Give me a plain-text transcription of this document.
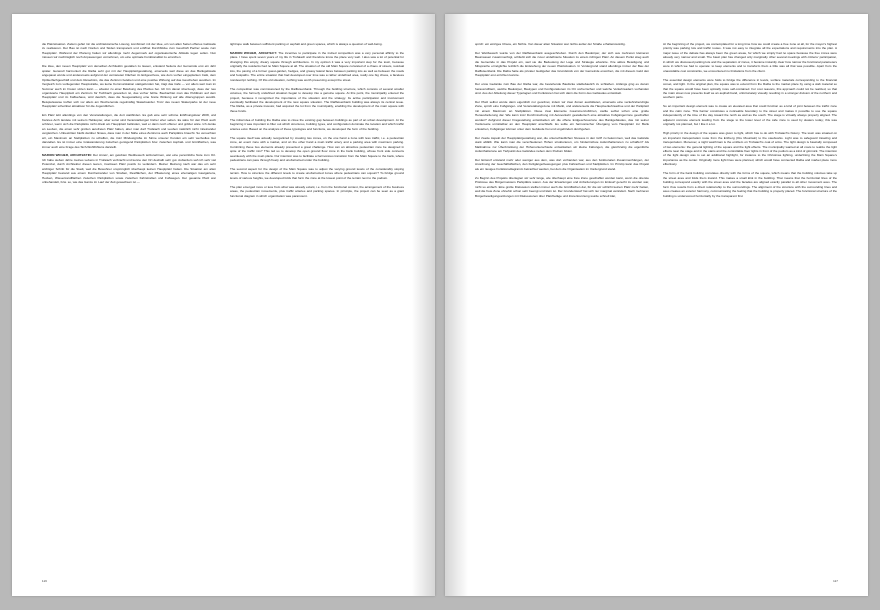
die Platzsituation. Zudem gefiel mir die architektonische Lösung, kombiniert mit der Idee, ein von allen Seiten offenes Gebäude zu realisieren. Der Bau ist nach Norden und Süden transparent und eröffnet Durchblicke zum Geschäft Pacher sowie zum Hauptplatz. Während der Planung hatten wir allerdings mehr Augenmerk auf organisatorische Abläufe legen sollen. Nun müssen wir nachträglich noch Anpassungen vornehmen, um eine optimale Funktionalität zu erreichen.

Die Idee, den neuen Hauptplatz von derselben Architektin gestalten zu lassen, entstand Seitens der Gemeinde erst ein Jahr später. Generell harmoniert die Raiba sehr gut mit der Hauptplatzgestaltung, einerseits weil diese an das Bankgebäude angepasst wurde und andererseits aufgrund der vernieteten Flächen im Erdgeschoss, wie dem vorher eingeplanten Café, dem Optikerfachgeschäft und dem Reisebüro, die das Zentrum beleben und eine positive Wirkung auf das Geschehen ausüben. Im Vergleich zum vorliegenden Hauptstraße, wo keine Kommunikation stattgefunden hat, trägt das Café — vor allem weil man im Sommer auch im Freien sitzen kann — absolut zu einer Belebung des Platzes bei. Ich bin davon überzeugt, dass der neu organisierte Hauptplatz ein Zentrum für Tschbach geworden ist, das vorher fehlte. Beobachtet man das Publikum auf dem Hauptplatz und im Kaffeehaus, wird deutlich, dass die Neugestaltung eine breite Wirkung auf alle Altersgruppen ausübt. Beispielsweise treffen sich vor allem am Wochenende regelmäßig Skateboarder. Trotz des neuen Skaterparks ist der neue Hauptplatz scheinbar attraktiver für die Jugendlichen.

Ein Platz lebt allerdings von den Veranstaltungen, die dort stattfinden. Es gab eine sehr schöne Eröffnungsfeier 2008, und Kannes Arch landete mit seinem Helikopter, aber sonst sind Veranstaltungen bisher eher selten. Es wäre für den Platz auch schöner, wenn sich die Parkplätze nicht direkt am Hauptplatz befänden, weil er dann noch offener und größer wäre. Ich denke an Leoben, die einen sehr großen autofreien Platz haben, aber man darf Trofaiach und Leoben natürlich nicht miteinander vergleichen. Unbestritten bleibt darüber hinaus, dass man in der Nähe eines Zentrums auch Parkplätze braucht. So versuchten wir, ein Maximum an Stellplätzen zu schaffen, die trotz Mindestgröße im Sinne unserer Kunden ein sehr wertvolles Gut darstellen. Es ist immer eine Gratwanderung zwischen genügend Parkplätzen bzw. zwischen Asphalt- und Grünflächen, was immer auch eine Frage des Sich-Wohlfühlens darstellt.

MARION WICHER, ARCHITEKTIN: Der Anreiz, am gelobten Wettbewerb teilzunehmen, war eine persönliche Note zum Ort. Ich habe sieben Jahre meines Lebens in Trofaiach verbracht und kenne den Ort deshalb sehr gut. Außerdem sah ich sehr viel Potenzial, durch Architektur diesen leeren, trostlosen Platz positiv zu verändern. Meiner Meinung nach war das ein sehr wichtiger Schritt für die Stadt, weil die Bewohner ursprünglich überhaupt keinen Hauptplatz hatten. Die Situation am alten Hauptplatz bestand aus einem Durcheinander von Straßen, Restflächen, der Pflasterung eines ehemaligen Gastgartens, Hecken, Wiesenrandflächen zwischen Parkplätzen sowie zwischen Fahrstraßen und Fußwegen. Der gesamte Platz war unbehandelt, bzw. so, wie das Ganze im Lauf der Zeit gewachsen ist —

tightrope walk between sufficient parking or asphalt and green spaces, which is always a question of well-being.

MARION WICHER, ARCHITECT: The incentive to participate in the invited competition was a very personal affinity to the place. I have spent seven years of my life in Trofaiach and therefore know the place very well. I also saw a lot of potential for changing this empty, dreary square through architecture. In my opinion it was a very important step for the town, because originally the residents had no Main Square at all. The situation of the old Main Square consisted of a chaos of streets, residual lots, the paving of a former guest-garden, hedges, and grassy lateral faces between parking lots as well as between the roads and footpaths. The entire situation that had developed over time was a rather undefined area, really one big chaos, a faceless nondescript nothing. Of this old situation, nothing was worth preserving except the street.

The competition was commissioned by the Raiffeisenbank. Through the building structure, which consists of several smaller volumes, the formerly undefined situation began to develop into a genuine square. At this point, the municipality entered the project, because it recognized the importance of the situation and the strategy. Its active participation and involvement eventually facilitated the development of the new square situation. The Raiffeisenbank building was always its central issue. The Raiba, as a private investor, had acquired the lot from the municipality, enabling the development of the main square with these funds.

The initial idea of building the Raiba was to close the existing gap between buildings as part of an urban development. At the beginning it was important to filter out which structures, building types, and configuration dominate the location and which traffic arteries exist. Based on the analysis of these typologies and functions, we developed the form of the building.

The square itself was actually reorganized by creating two zones, on the one hand a zone with less traffic, i.e. a pedestrian zone, an event zone with a market, and on the other hand a main traffic artery and a parking area with maximum parking. Combining these two elements already presented a great challenge. How can an attractive pedestrian zone be designed in spite of the traffic mix? This led us to develop the open ground floor zone in the bank building, whose front side connects seamlessly with the main plaza. Our intention was to facilitate a harmonious transition from the Main Square to the bank, where pedestrians can pass through freely and unobstructed under the building.

The second aspect for the design of the Main Square was to adjust the varying ground levels of the considerably sloping terrain. How to structure the different levels to create unobstructed zones where pedestrians can sojourn? To bridge ground levels of various heights, we developed folds that form the zone at the lowest point of the terrain next to the podium.

The plan emerged more or less from what was already extant, i.e. from the functional context, the arrangement of the business areas, the pedestrian movements, plus traffic arteries and parking spaces. In principle, the project can be seen as a giant functional diagram in which organization was paramount.

116

sprich: ein einziges Chaos, ein Nichts. Von dieser alten Situation war nichts außer der Straße erhaltenswürdig.

Der Wettbewerb wurde von der Raiffeisenbank ausgeschrieben. Durch den Baukörper, der sich aus mehreren kleineren Baumassen zusammenfügt, schließt sich die zuvor undefinierte Situation zu einem richtigen Platz. An diesem Punkt stieg auch die Gemeinde in das Projekt ein, weil sie die Bedeutung der Lage und Strategie erkannte. Ihre aktive Beteiligung und Mitsprache ermöglichte letztlich die Entstehung der neuen Platzsituation. In Vordergrund stand allerdings immer der Bau der Raiffeisenbank. Die Raiba hatte als privater Geldgeber das Grundstück von der Gemeinde erworben, die mit diesem Geld den Hauptplatz erst errichten konnte.

Der erste Gedanke zum Bau der Raiba war, die bestehende Baulücke städtebaulich zu schließen. Anfangs ging es darum herauszufiltern, welche Baukörper, Bautypen und Konfigurationen im Ort vorherrschen und welche Verkehrsadern vorhanden sind. Aus der Ableitung dieser Typologien und Funktionen hat sich dann die Form des Gebäudes entwickelt.

Der Platz selbst wurde dann eigentlich nur geordnet, indem wir zwei Zonen ausbildeten, einerseits eine verkehrsberuhigte Zone, sprich eine Fußgänger- und Veranstaltungszone mit Markt, und andererseits die Hauptverkehrsachse und der Parkplatz mit einem Maximum an Stellplätzen. Diese zwei Elemente zusammenzuführen, stellte selbst schon eine große Herausforderung dar. Wie kann trotz Durchmischung mit Autoverkehr gestalterisch eine attraktive Fußgängerzone geschaffen werden? Aufgrund dieser Fragestellung entwickelten wir die offene Erdgeschosszone des Bankgebäudes, das mit seiner Vorderseite unmittelbar an den Hauptplatz anschließt. Es sollte ein harmonischer Übergang vom Hauptplatz zur Bank entstehen, Fußgänger können unter dem Gebäude frei und ungehindert durchgehen.

Der zweite Aspekt der Hauptplatzgestaltung war, die unterschiedlichen Niveaus in den Griff zu bekommen, weil das Gelände stark abfällt. Wie kann man die verschiedenen Höhen strukturieren, um hindernisfreie Aufenthaltszonen zu schaffen? Als Maßnahme zur Überbrückung der Höhenunterschiede entwickelten wir kleine Faltungen, die gleichzeitig die eigentliche Aufenthaltszone am Tiefpunkt des Geländes neben dem Podium bilden.

Der Entwurf entstand mehr oder weniger aus dem, was dort vorhanden war, aus den funktionalen Zusammenhängen, der Anordnung der Geschäftsflächen, den Fußgängerbewegungen plus Fahrachsen und Stellplätzen. Im Prinzip kann das Projekt als ein riesiges Funktionsdiagramm betrachtet werden, bei dem die Organisation im Vordergrund stand.

Zu Beginn des Projekts überlegten wir sehr lange, wie überhaupt eine freie Zone geschaffen werden kann, wenn die oberste Prämisse des Bürgermeisters Parkplätze waren. Aus der Erwartungen und Anforderungen im Entwurf gerecht zu werden war, nicht so einfach. Eine große Diskussion stellten immer auch die Grünflächen dar, für die wir schlicht keinen Platz mehr hatten, weil die freie Zone ohnehin schon sehr beengt und klein ist. Der Grundentwurf hat sich nur marginal verändert. Nach mehreren Bürgerbeteiligungssitzungen mit Diskussionen über Platzbeläge und Zonentrennung wurde schnell klar,

At the beginning of the project, we contemplated for a long time how we could create a free zone at all, for the mayor's highest priority was parking lots and traffic routes. It was not easy to integrate all the expectations and requirements into the plan. A major issue of the debate has always been the green areas, for which we simply had no space because the free zones were already very narrow and small. The basic plan has changed only marginally. After several meetings with citizens' participation, in which we discussed parking lots and the separation of zones, it became instantly clear how narrow the functional parameters were in which we had to operate: to keep elements and to transform them a little was all that was possible. Apart from the unavoidable cost constraints, we encountered no limitations from the client.

The essential design elements were folds to bridge the difference in levels, surface materials corresponding to the financial corset, and light. In the original plan, the square was to extend from the Raiba to the market place by using a slab material so that the square would have been optically more self-contained. For cost reasons, this approach could not be realized, so that the main street now presents itself as an asphalt band, unfortunately visually resulting in a stronger division of the northern and southern parts.

So an important design element was to create an elevated area that could function as a kind of joint between the traffic zone and the calm zone. This barrier constitutes a noticeable boundary to the street and makes it possible to use the square independently of the time of the day toward the north as well as the south. The stage is virtually always properly aligned. The adjacent concrete element leading from the stage to the lower level of the cafe zone is used by skaters today; this was originally not planned, but I like it a lot.

High priority in the design of the square was given to light, which has to do with Trofaiach's history. The town was situated on an important transportation route from the Erzberg (Ore Mountain) to the steelworks. Light was to safeguard traveling and transportation. Moreover, a night watchman is the emblem on Trofaiach's coat of arms. The light design is basically composed of two elements: the general lighting of the square and the light effects. The municipality wanted at all costs to realize the light effects near the stage and in the stairs and the controllable floor lights in front of the podium as a kind of gimmick. The intention of the light design was to set an additional highlight, for instance to the Christmas lighting, underlining the Main Square's importance as the center. Originally more light lines were planned, which would have connected Raiba and market place more effectively.

The form of the bank building correlates directly with the forms of the square, which means that the building volumes take up the street axes and folds them inward. This makes a small kink in the building. That means that the horizontal lines of the building correspond exactly with the street axes and the facades are aligned exactly parallel to all other movement axes. The form thus results from a direct relationship to the surroundings. The alignment of the structure with the surrounding lines and axes creates an exterior harmony, communicating the feeling that the building is properly placed. The functional structure of the building is underscored horizontally by the transparent first

117
